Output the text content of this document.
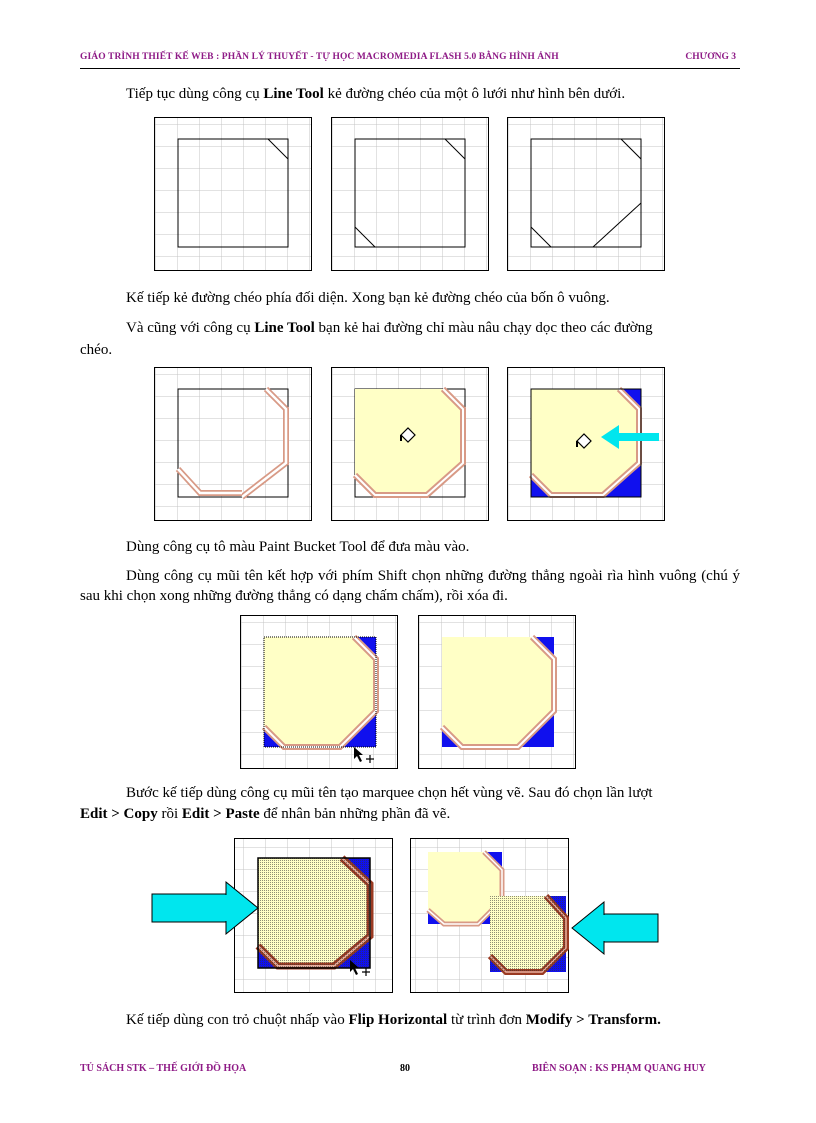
GIÁO TRÌNH THIẾT KẾ WEB : PHẦN LÝ THUYẾT - TỰ HỌC MACROMEDIA FLASH 5.0 BẰNG HÌNH ẢNH	CHƯƠNG 3
Tiếp tục dùng công cụ Line Tool kẻ đường chéo của một ô lưới như hình bên dưới.
Kế tiếp kẻ đường chéo phía đối diện. Xong bạn kẻ đường chéo của bốn ô vuông.
Và cũng với công cụ Line Tool bạn kẻ hai đường chỉ màu nâu chạy dọc theo các đường
chéo.
Dùng công cụ tô màu Paint Bucket Tool để đưa màu vào.
Dùng công cụ mũi tên kết hợp với phím Shift chọn những đường thẳng ngoài rìa hình vuông (chú ý sau khi chọn xong những đường thẳng có dạng chấm chấm), rồi xóa đi.
Bước kế tiếp dùng công cụ mũi tên tạo marquee chọn hết vùng vẽ. Sau đó chọn lần lượt
Edit > Copy rồi Edit > Paste để nhân bản những phần đã vẽ.
Kế tiếp dùng con trỏ chuột nhấp vào Flip Horizontal từ trình đơn Modify > Transform.
TỦ SÁCH STK – THẾ GIỚI ĐỒ HỌA	80	BIÊN SOẠN : KS PHẠM QUANG HUY
